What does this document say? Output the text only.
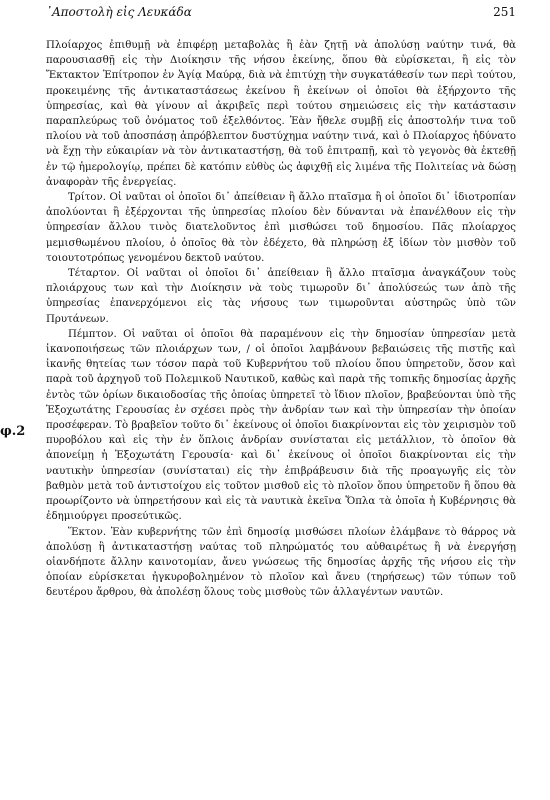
᾿Αποστολὴ εἰς Λευκάδα	251
φ.2

Πλοίαρχος ἐπιθυμῇ νὰ ἐπιφέρῃ μεταβολὰς ἢ ἐὰν ζητῇ νὰ ἀπολύσῃ ναύτην τινά, θὰ παρουσιασθῇ εἰς τὴν Διοίκησιν τῆς νήσου ἐκείνης, ὅπου θὰ εὑρίσκεται, ἢ εἰς τὸν Ἔκτακτον Ἐπίτροπον ἐν Ἁγίᾳ Μαύρᾳ, διὰ νὰ ἐπιτύχῃ τὴν συγκατάθεσίν των περὶ τούτου, προκειμένης τῆς ἀντικαταστάσεως ἐκείνου ἢ ἐκείνων οἱ ὁποῖοι θὰ ἐξήρχοντο τῆς ὑπηρεσίας, καὶ θὰ γίνουν αἱ ἀκριβεῖς περὶ τούτου σημειώσεις εἰς τὴν κατάστασιν παραπλεύρως τοῦ ὀνόματος τοῦ ἐξελθόντος. Ἐὰν ἤθελε συμβῇ εἰς ἀποστολήν τινα τοῦ πλοίου νὰ τοῦ ἀποσπάσῃ ἀπρόβλεπτον δυστύχημα ναύτην τινά, καὶ ὁ Πλοίαρχος ἠδύνατο νὰ ἔχῃ τὴν εὐκαιρίαν νὰ τὸν ἀντικαταστήσῃ, θὰ τοῦ ἐπιτραπῇ, καὶ τὸ γεγονὸς θὰ ἐκτεθῇ ἐν τῷ ἡμερολογίῳ, πρέπει δὲ κατόπιν εὐθὺς ὡς ἀφιχθῇ εἰς λιμένα τῆς Πολιτείας νὰ δώσῃ ἀναφορὰν τῆς ἐνεργείας.

Τρίτον. Οἱ ναῦται οἱ ὁποῖοι δι᾿ ἀπείθειαν ἢ ἄλλο πταῖσμα ἢ οἱ ὁποῖοι δι᾿ ἰδιοτροπίαν ἀπολύονται ἢ ἐξέρχονται τῆς ὑπηρεσίας πλοίου δὲν δύνανται νὰ ἐπανέλθουν εἰς τὴν ὑπηρεσίαν ἄλλου τινὸς διατελοῦντος ἐπὶ μισθώσει τοῦ δημοσίου. Πᾶς πλοίαρχος μεμισθωμένου πλοίου, ὁ ὁποῖος θὰ τὸν ἐδέχετο, θὰ πληρώσῃ ἐξ ἰδίων τὸν μισθὸν τοῦ τοιουτοτρόπως γενομένου δεκτοῦ ναύτου.

Τέταρτον. Οἱ ναῦται οἱ ὁποῖοι δι᾿ ἀπείθειαν ἢ ἄλλο πταῖσμα ἀναγκάζουν τοὺς πλοιάρχους των καὶ τὴν Διοίκησιν νὰ τοὺς τιμωροῦν δι᾿ ἀπολύσεώς των ἀπὸ τῆς ὑπηρεσίας ἐπανερχόμενοι εἰς τὰς νήσους των τιμωροῦνται αὐστηρῶς ὑπὸ τῶν Πρυτάνεων.

Πέμπτον. Οἱ ναῦται οἱ ὁποῖοι θὰ παραμένουν εἰς τὴν δημοσίαν ὑπηρεσίαν μετὰ ἱκανοποιήσεως τῶν πλοιάρχων των, / οἱ ὁποῖοι λαμβάνουν βεβαιώσεις τῆς πιστῆς καὶ ἱκανῆς θητείας των τόσον παρὰ τοῦ Κυβερνήτου τοῦ πλοίου ὅπου ὑπηρετοῦν, ὅσον καὶ παρὰ τοῦ ἀρχηγοῦ τοῦ Πολεμικοῦ Ναυτικοῦ, καθὼς καὶ παρὰ τῆς τοπικῆς δημοσίας ἀρχῆς ἐντὸς τῶν ὁρίων δικαιοδοσίας τῆς ὁποίας ὑπηρετεῖ τὸ ἴδιον πλοῖον, βραβεύονται ὑπὸ τῆς Ἐξοχωτάτης Γερουσίας ἐν σχέσει πρὸς τὴν ἀνδρίαν των καὶ τὴν ὑπηρεσίαν τὴν ὁποίαν προσέφεραν. Τὸ βραβεῖον τοῦτο δι᾿ ἐκείνους οἱ ὁποῖοι διακρίνονται εἰς τὸν χειρισμὸν τοῦ πυροβόλου καὶ εἰς τὴν ἐν ὅπλοις ἀνδρίαν συνίσταται εἰς μετάλλιον, τὸ ὁποῖον θὰ ἀπονείμῃ ἡ Ἐξοχωτάτη Γερουσία· καὶ δι᾿ ἐκείνους οἱ ὁποῖοι διακρίνονται εἰς τὴν ναυτικὴν ὑπηρεσίαν (συνίσταται) εἰς τὴν ἐπιβράβευσιν διὰ τῆς προαγωγῆς εἰς τὸν βαθμὸν μετὰ τοῦ ἀντιστοίχου εἰς τοῦτον μισθοῦ εἰς τὸ πλοῖον ὅπου ὑπηρετοῦν ἢ ὅπου θὰ προωρίζοντο νὰ ὑπηρετήσουν καὶ εἰς τὰ ναυτικὰ ἐκεῖνα Ὅπλα τὰ ὁποῖα ἡ Κυβέρνησις θὰ ἐδημιούργει προσεύτικῶς.

Ἕκτον. Ἐὰν κυβερνήτης τῶν ἐπὶ δημοσίᾳ μισθώσει πλοίων ἐλάμβανε τὸ θάρρος νὰ ἀπολύσῃ ἢ ἀντικαταστήσῃ ναύτας τοῦ πληρώματός του αὐθαιρέτως ἢ νὰ ἐνεργήσῃ οἱανδήποτε ἄλλην καινοτομίαν, ἄνευ γνώσεως τῆς δημοσίας ἀρχῆς τῆς νήσου εἰς τὴν ὁποίαν εὑρίσκεται ἠγκυροβολημένον τὸ πλοῖον καὶ ἄνευ (τηρήσεως) τῶν τύπων τοῦ δευτέρου ἄρθρου, θὰ ἀπολέσῃ ὅλους τοὺς μισθοὺς τῶν ἀλλαγέντων ναυτῶν.
